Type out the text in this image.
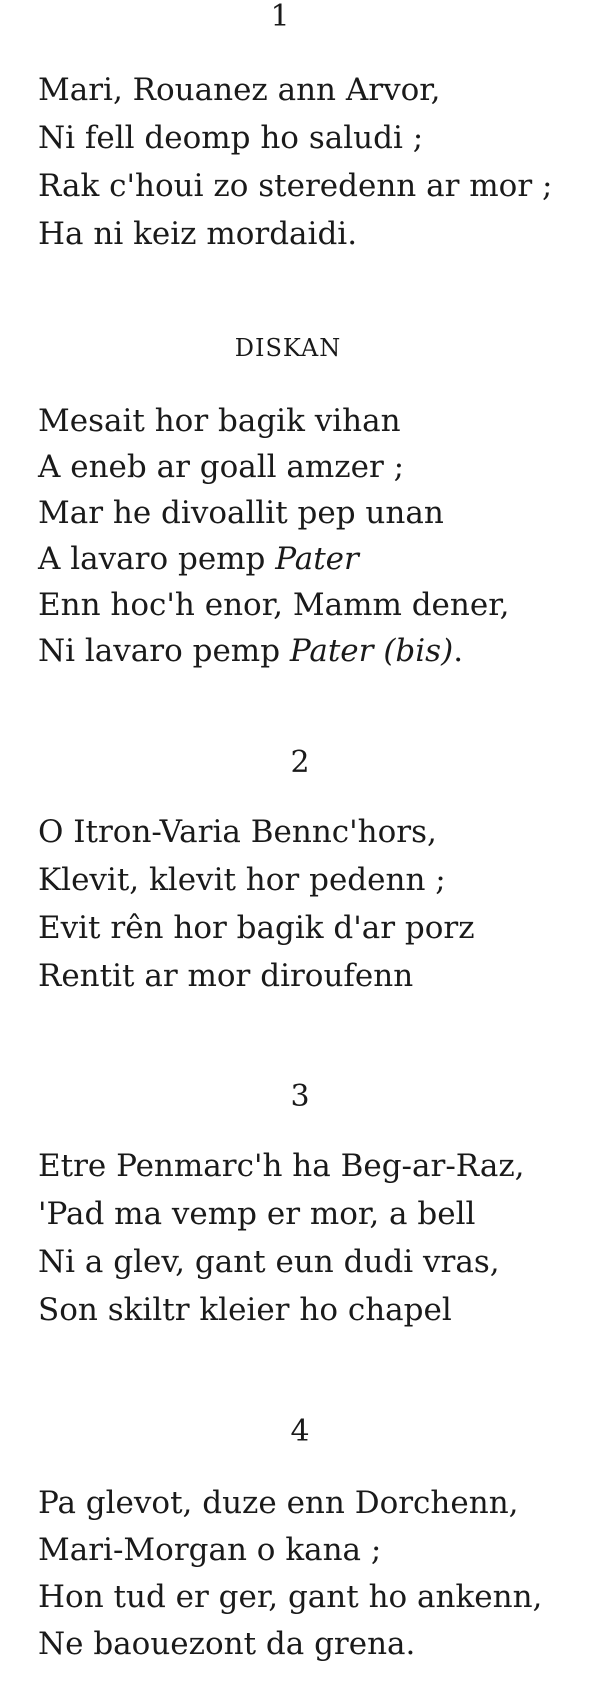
1
Mari, Rouanez ann Arvor,
Ni fell deomp ho saludi ;
Rak c'houi zo steredenn ar mor ;
Ha ni keiz mordaidi.
DISKAN
Mesait hor bagik vihan
A eneb ar goall amzer ;
Mar he divoallit pep unan
A lavaro pemp Pater
Enn hoc'h enor, Mamm dener,
Ni lavaro pemp Pater (bis).
2
O Itron-Varia Bennc'hors,
Klevit, klevit hor pedenn ;
Evit rên hor bagik d'ar porz
Rentit ar mor diroufenn
3
Etre Penmarc'h ha Beg-ar-Raz,
'Pad ma vemp er mor, a bell
Ni a glev, gant eun dudi vras,
Son skiltr kleier ho chapel
4
Pa glevot, duze enn Dorchenn,
Mari-Morgan o kana ;
Hon tud er ger, gant ho ankenn,
Ne baouezont da grena.
